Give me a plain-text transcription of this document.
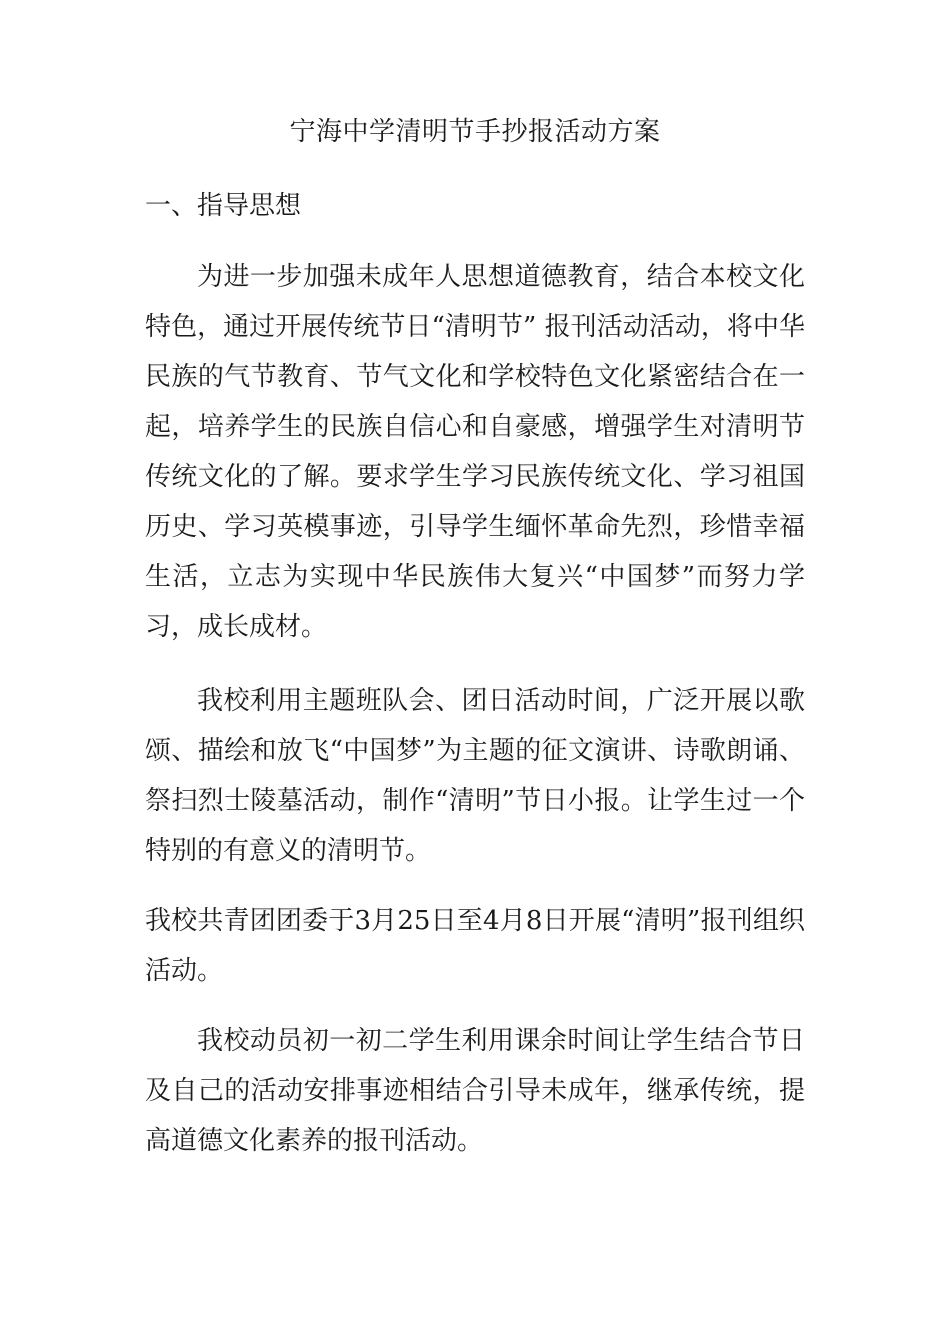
宁海中学清明节手抄报活动方案
一、指导思想

为进一步加强未成年人思想道德教育，结合本校文化特色，通过开展传统节日“清明节” 报刊活动活动，将中华民族的气节教育、节气文化和学校特色文化紧密结合在一起，培养学生的民族自信心和自豪感，增强学生对清明节传统文化的了解。要求学生学习民族传统文化、学习祖国历史、学习英模事迹，引导学生缅怀革命先烈，珍惜幸福生活，立志为实现中华民族伟大复兴“中国梦”而努力学习，成长成材。

我校利用主题班队会、团日活动时间，广泛开展以歌颂、描绘和放飞“中国梦”为主题的征文演讲、诗歌朗诵、祭扫烈士陵墓活动，制作“清明”节日小报。让学生过一个特别的有意义的清明节。

我校共青团团委于3月25日至4月8日开展“清明”报刊组织活动。

我校动员初一初二学生利用课余时间让学生结合节日及自己的活动安排事迹相结合引导未成年，继承传统，提高道德文化素养的报刊活动。
